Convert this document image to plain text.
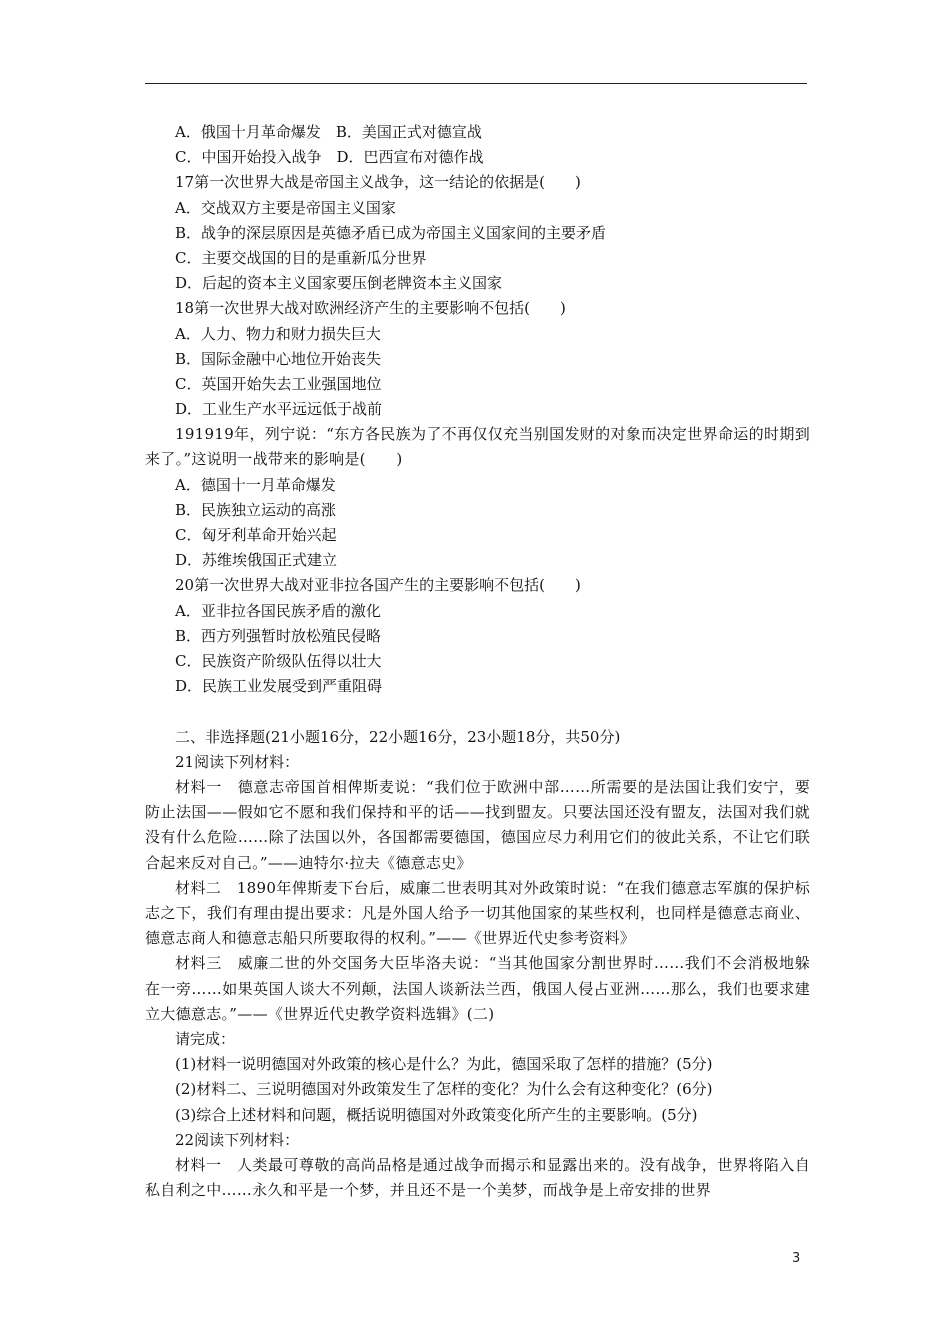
A．俄国十月革命爆发　B．美国正式对德宣战
C．中国开始投入战争　D．巴西宣布对德作战
17第一次世界大战是帝国主义战争，这一结论的依据是(　　)
A．交战双方主要是帝国主义国家
B．战争的深层原因是英德矛盾已成为帝国主义国家间的主要矛盾
C．主要交战国的目的是重新瓜分世界
D．后起的资本主义国家要压倒老牌资本主义国家
18第一次世界大战对欧洲经济产生的主要影响不包括(　　)
A．人力、物力和财力损失巨大
B．国际金融中心地位开始丧失
C．英国开始失去工业强国地位
D．工业生产水平远远低于战前
191919年，列宁说：“东方各民族为了不再仅仅充当别国发财的对象而决定世界命运的时期到来了。”这说明一战带来的影响是(　　)
A．德国十一月革命爆发
B．民族独立运动的高涨
C．匈牙利革命开始兴起
D．苏维埃俄国正式建立
20第一次世界大战对亚非拉各国产生的主要影响不包括(　　)
A．亚非拉各国民族矛盾的激化
B．西方列强暂时放松殖民侵略
C．民族资产阶级队伍得以壮大
D．民族工业发展受到严重阻碍
二、非选择题(21小题16分，22小题16分，23小题18分，共50分)
21阅读下列材料：
材料一　德意志帝国首相俾斯麦说：“我们位于欧洲中部……所需要的是法国让我们安宁，要防止法国——假如它不愿和我们保持和平的话——找到盟友。只要法国还没有盟友，法国对我们就没有什么危险……除了法国以外，各国都需要德国，德国应尽力利用它们的彼此关系，不让它们联合起来反对自己。”——迪特尔·拉夫《德意志史》
材料二　1890年俾斯麦下台后，威廉二世表明其对外政策时说：“在我们德意志军旗的保护标志之下，我们有理由提出要求：凡是外国人给予一切其他国家的某些权利，也同样是德意志商业、德意志商人和德意志船只所要取得的权利。”——《世界近代史参考资料》
材料三　威廉二世的外交国务大臣毕洛夫说：“当其他国家分割世界时……我们不会消极地躲在一旁……如果英国人谈大不列颠，法国人谈新法兰西，俄国人侵占亚洲……那么，我们也要求建立大德意志。”——《世界近代史教学资料选辑》(二)
请完成：
(1)材料一说明德国对外政策的核心是什么？为此，德国采取了怎样的措施？(5分)
(2)材料二、三说明德国对外政策发生了怎样的变化？为什么会有这种变化？(6分)
(3)综合上述材料和问题，概括说明德国对外政策变化所产生的主要影响。(5分)
22阅读下列材料：
材料一　人类最可尊敬的高尚品格是通过战争而揭示和显露出来的。没有战争，世界将陷入自私自利之中……永久和平是一个梦，并且还不是一个美梦，而战争是上帝安排的世界
3
